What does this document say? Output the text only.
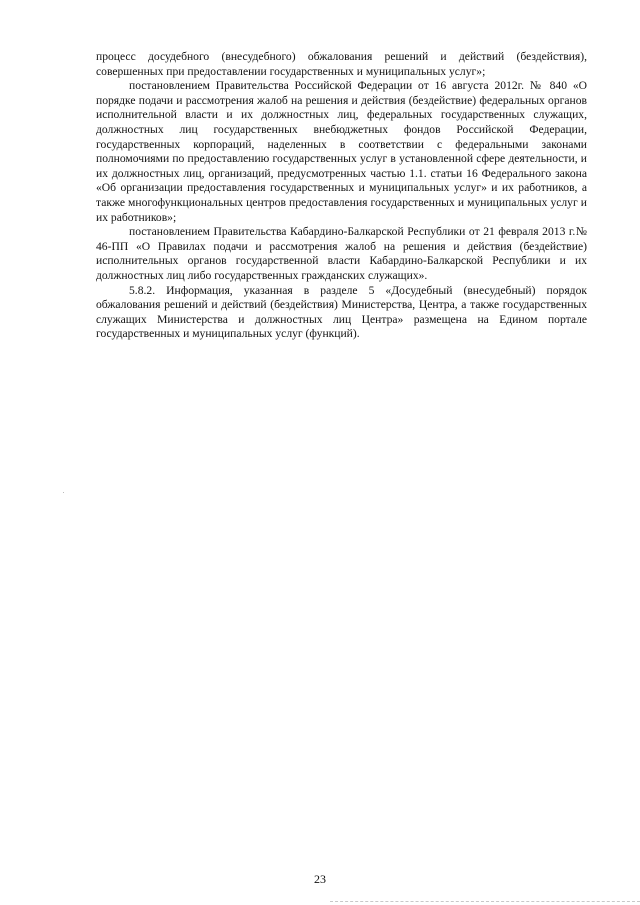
процесс досудебного (внесудебного) обжалования решений и действий (бездействия), совершенных при предоставлении государственных и муниципальных услуг»;

постановлением Правительства Российской Федерации от 16 августа 2012г. № 840 «О порядке подачи и рассмотрения жалоб на решения и действия (бездействие) федеральных органов исполнительной власти и их должностных лиц, федеральных государственных служащих, должностных лиц государственных внебюджетных фондов Российской Федерации, государственных корпораций, наделенных в соответствии с федеральными законами полномочиями по предоставлению государственных услуг в установленной сфере деятельности, и их должностных лиц, организаций, предусмотренных частью 1.1. статьи 16 Федерального закона «Об организации предоставления государственных и муниципальных услуг» и их работников, а также многофункциональных центров предоставления государственных и муниципальных услуг и их работников»;

постановлением Правительства Кабардино-Балкарской Республики от 21 февраля 2013 г.№ 46-ПП «О Правилах подачи и рассмотрения жалоб на решения и действия (бездействие) исполнительных органов государственной власти Кабардино-Балкарской Республики и их должностных лиц либо государственных гражданских служащих».

5.8.2. Информация, указанная в разделе 5 «Досудебный (внесудебный) порядок обжалования решений и действий (бездействия) Министерства, Центра, а также государственных служащих Министерства и должностных лиц Центра» размещена на Едином портале государственных и муниципальных услуг (функций).

23
